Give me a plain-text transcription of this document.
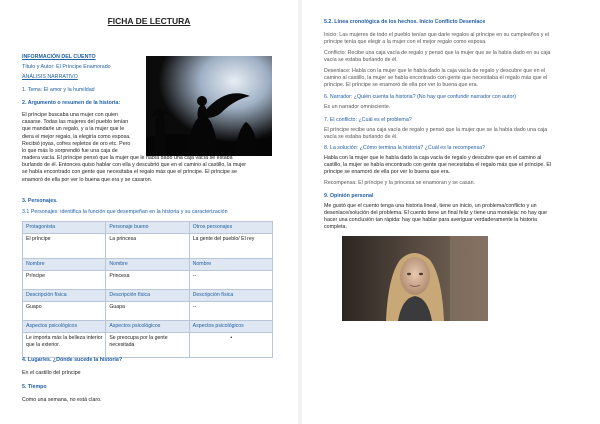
FICHA DE LECTURA
INFORMACIÓN DEL CUENTO
Título y Autor: El Príncipe Enamorado
ANÁLISIS NARRATIVO
1. Tema: El amor y la humildad
2. Argumento o resumen de la historia:
El príncipe buscaba una mujer con quien
casarse. Todas las mujeres del pueblo tenían
que mandarle un regalo, y a la mujer que le
diera el mejor regalo, la elegiría como esposa.
Recibió joyas, cofres repletos de oro etc. Pero
lo que más lo sorprendió fue una caja de
madera vacía. El príncipe pensó que la mujer que le había dado una caja vacía se estaba
burlando de él. Entonces quiso hablar con ella y descubrió que en el camino al castillo, la mujer
se había encontrado con gente que necesitaba el regalo más que el príncipe. El príncipe se
enamoró de ella por ver lo buena que era y se casaron.
3. Personajes.
3.1 Personajes: identifica la función que desempeñan en la historia y su caracterización
Protagonista	Personaje bueno	Otros personajes
El príncipe	La princesa	La gente del pueblo/ El rey
Nombre	Nombre	Nombre
Príncipe	Princesa	--
Descripción física	Descripción física	Descripción física
Guapo	Guapa	--
Aspectos psicológicos	Aspectos psicológicos	Aspectos psicológicos
Le importa más la belleza interior que la exterior.	Se preocupa por la gente necesitada	•
4. Lugar/es. ¿Dónde sucede la historia?
En el castillo del príncipe
5. Tiempo
Como una semana, no está claro.
5.2. Línea cronológica de los hechos. Inicio Conflicto Desenlace
Inicio: Las mujeres de todo el pueblo tenían que darle regalos al príncipe en su cumpleaños y el
príncipe tenía que elegir a la mujer con el mejor regalo como esposa.
Conflicto: Recibe una caja vacía de regalo y pensó que la mujer que se la había dado en su caja
vacía se estaba burlando de él.
Desenlace: Habla con la mujer que le había dado la caja vacía de regalo y descubre que en el
camino al castillo, la mujer se había encontrado con gente que necesitaba el regalo más que el
príncipe. El príncipe se enamoró de ella por ver lo buena que era.
6. Narrador: ¿Quién cuenta la historia? (No hay que confundir narrador con autor)
Es un narrador omnisciente.
7. El conflicto: ¿Cuál es el problema?
El príncipe recibe una caja vacía de regalo y pensó que la mujer que se la había dado una caja
vacía se estaba burlando de él.
8. La solución: ¿Cómo termina la historia? ¿Cuál es la recompensa?
Habla con la mujer que le había dado la caja vacía de regalo y descubre que en el camino al
castillo, la mujer se había encontrado con gente que necesitaba el regalo más que el príncipe. El
príncipe se enamoró de ella por ver lo buena que era.
Recompensa: El príncipe y la princesa se enamoran y se casan.
9. Opinión personal
Me gustó que el cuento tenga una historia lineal, tiene un inicio, un problema/conflicto y un
desenlace/solución del problema. El cuento tiene un final feliz y tiene una moraleja: no hay que
hacer una conclusión tan rápida: hay que hablar para averiguar verdaderamente la historia
completa.
